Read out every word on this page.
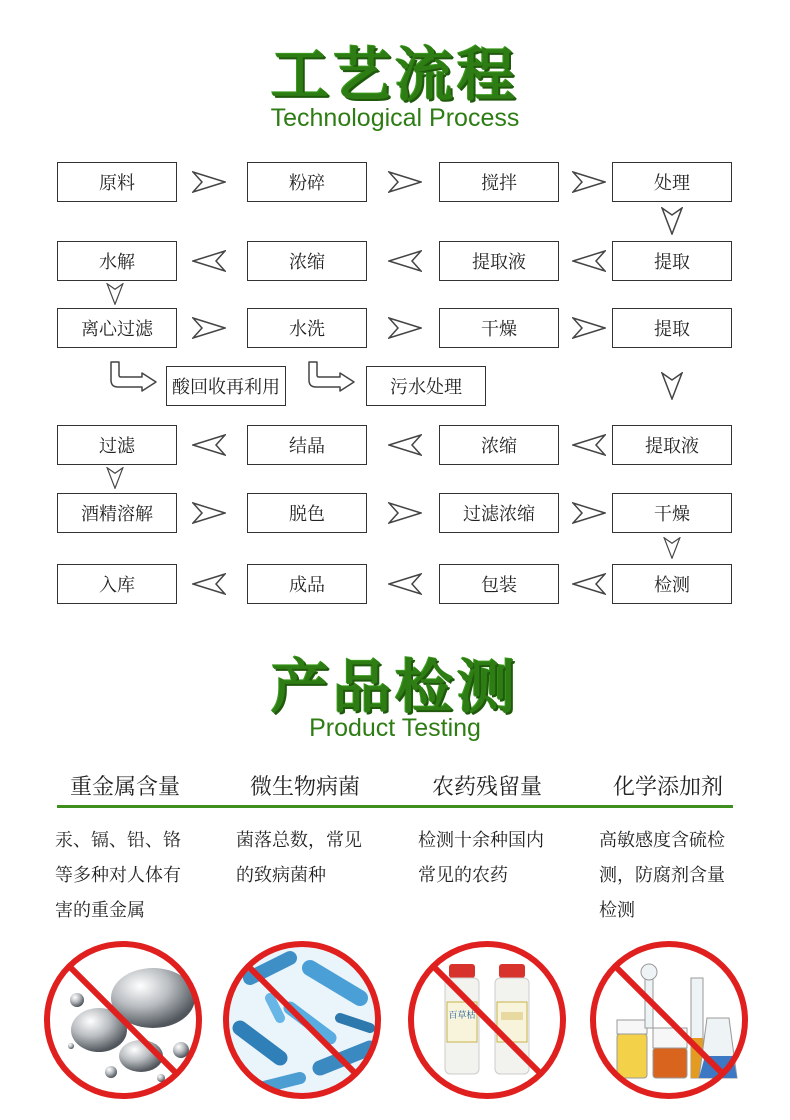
工艺流程
Technological Process
原料	粉碎	搅拌	处理
水解	浓缩	提取液	提取
离心过滤	水洗	干燥	提取
酸回收再利用	污水处理
过滤	结晶	浓缩	提取液
酒精溶解	脱色	过滤浓缩	干燥
入库	成品	包装	检测
产品检测
Product Testing
重金属含量	微生物病菌	农药残留量	化学添加剂
汞、镉、铅、铬
等多种对人体有
害的重金属
菌落总数，常见
的致病菌种
检测十余种国内
常见的农药
高敏感度含硫检
测，防腐剂含量
检测
百草枯
